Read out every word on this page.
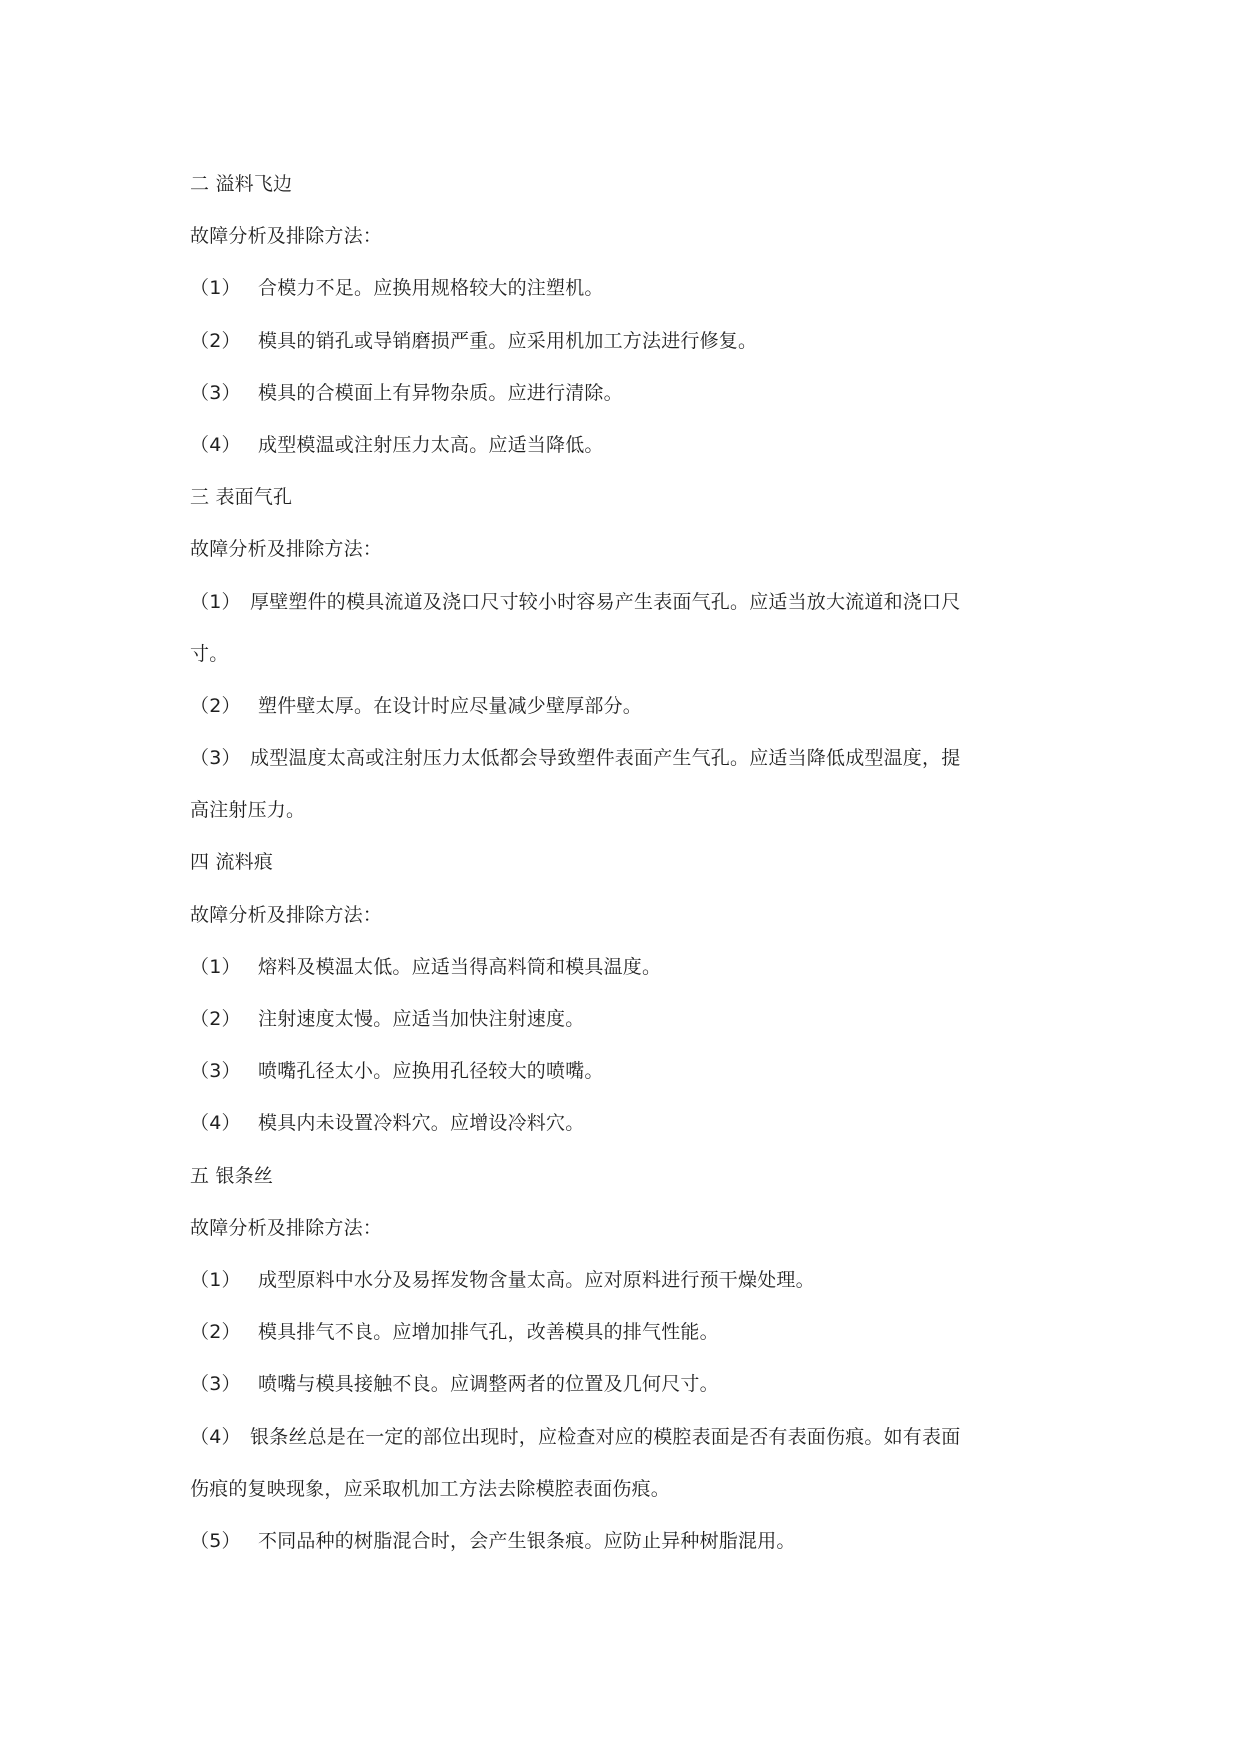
二 溢料飞边
故障分析及排除方法：
（1） 合模力不足。应换用规格较大的注塑机。
（2） 模具的销孔或导销磨损严重。应采用机加工方法进行修复。
（3） 模具的合模面上有异物杂质。应进行清除。
（4） 成型模温或注射压力太高。应适当降低。
三 表面气孔
故障分析及排除方法：
（1） 厚壁塑件的模具流道及浇口尺寸较小时容易产生表面气孔。应适当放大流道和浇口尺
寸。
（2） 塑件壁太厚。在设计时应尽量减少壁厚部分。
（3） 成型温度太高或注射压力太低都会导致塑件表面产生气孔。应适当降低成型温度，提
高注射压力。
四 流料痕
故障分析及排除方法：
（1） 熔料及模温太低。应适当得高料筒和模具温度。
（2） 注射速度太慢。应适当加快注射速度。
（3） 喷嘴孔径太小。应换用孔径较大的喷嘴。
（4） 模具内未设置冷料穴。应增设冷料穴。
五 银条丝
故障分析及排除方法：
（1） 成型原料中水分及易挥发物含量太高。应对原料进行预干燥处理。
（2） 模具排气不良。应增加排气孔，改善模具的排气性能。
（3） 喷嘴与模具接触不良。应调整两者的位置及几何尺寸。
（4） 银条丝总是在一定的部位出现时，应检查对应的模腔表面是否有表面伤痕。如有表面
伤痕的复映现象，应采取机加工方法去除模腔表面伤痕。
（5） 不同品种的树脂混合时，会产生银条痕。应防止异种树脂混用。
